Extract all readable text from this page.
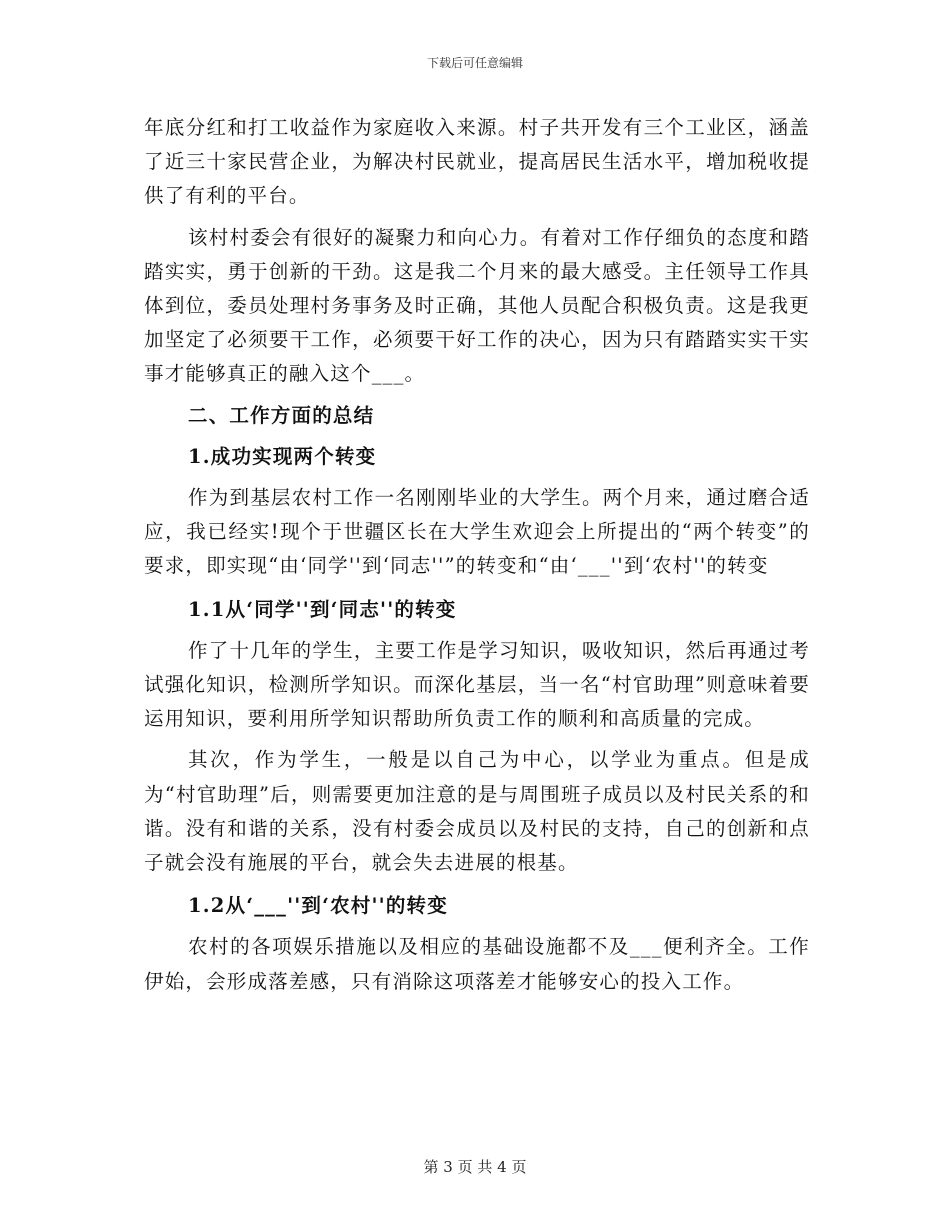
下载后可任意编辑

年底分红和打工收益作为家庭收入来源。村子共开发有三个工业区，涵盖了近三十家民营企业，为解决村民就业，提高居民生活水平，增加税收提供了有利的平台。

该村村委会有很好的凝聚力和向心力。有着对工作仔细负的态度和踏踏实实，勇于创新的干劲。这是我二个月来的最大感受。主任领导工作具体到位，委员处理村务事务及时正确，其他人员配合积极负责。这是我更加坚定了必须要干工作，必须要干好工作的决心，因为只有踏踏实实干实事才能够真正的融入这个___。

二、工作方面的总结

1.成功实现两个转变

作为到基层农村工作一名刚刚毕业的大学生。两个月来，通过磨合适应，我已经实!现个于世疆区长在大学生欢迎会上所提出的“两个转变”的要求，即实现“由‘同学''到‘同志''”的转变和“由‘___''到‘农村''的转变

1.1从‘同学''到‘同志''的转变

作了十几年的学生，主要工作是学习知识，吸收知识，然后再通过考试强化知识，检测所学知识。而深化基层，当一名“村官助理”则意味着要运用知识，要利用所学知识帮助所负责工作的顺利和高质量的完成。

其次，作为学生，一般是以自己为中心，以学业为重点。但是成为“村官助理”后，则需要更加注意的是与周围班子成员以及村民关系的和谐。没有和谐的关系，没有村委会成员以及村民的支持，自己的创新和点子就会没有施展的平台，就会失去进展的根基。

1.2从‘___''到‘农村''的转变

农村的各项娱乐措施以及相应的基础设施都不及___便利齐全。工作伊始，会形成落差感，只有消除这项落差才能够安心的投入工作。

第 3 页 共 4 页
